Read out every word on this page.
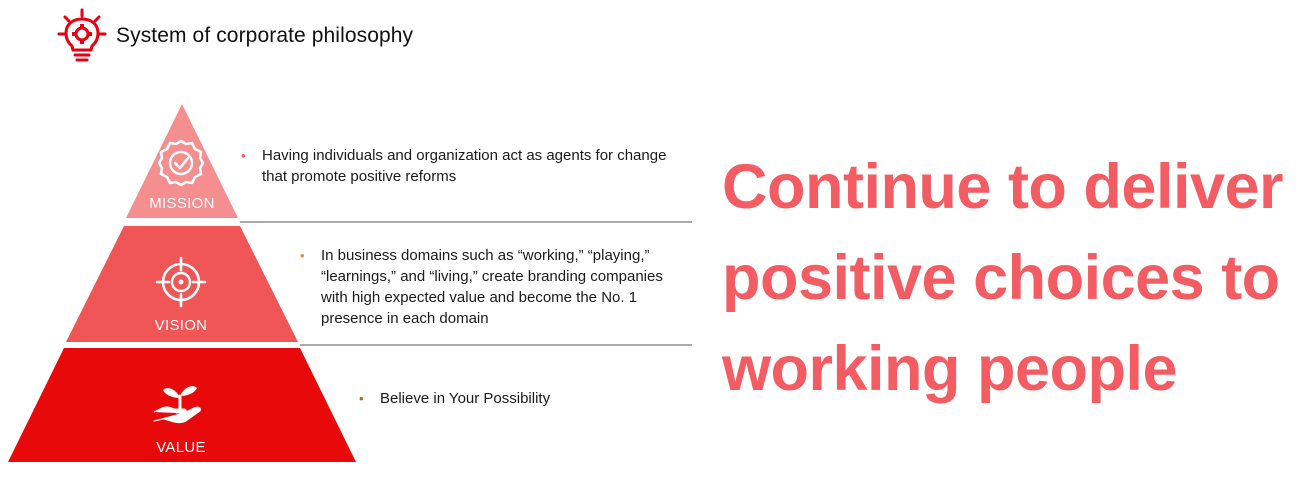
System of corporate philosophy
MISSION
VISION
VALUE
• Having individuals and organization act as agents for change that promote positive reforms
• In business domains such as “working,” “playing,” “learnings,” and “living,” create branding companies with high expected value and become the No. 1 presence in each domain
• Believe in Your Possibility
Continue to deliver
positive choices to
working people
